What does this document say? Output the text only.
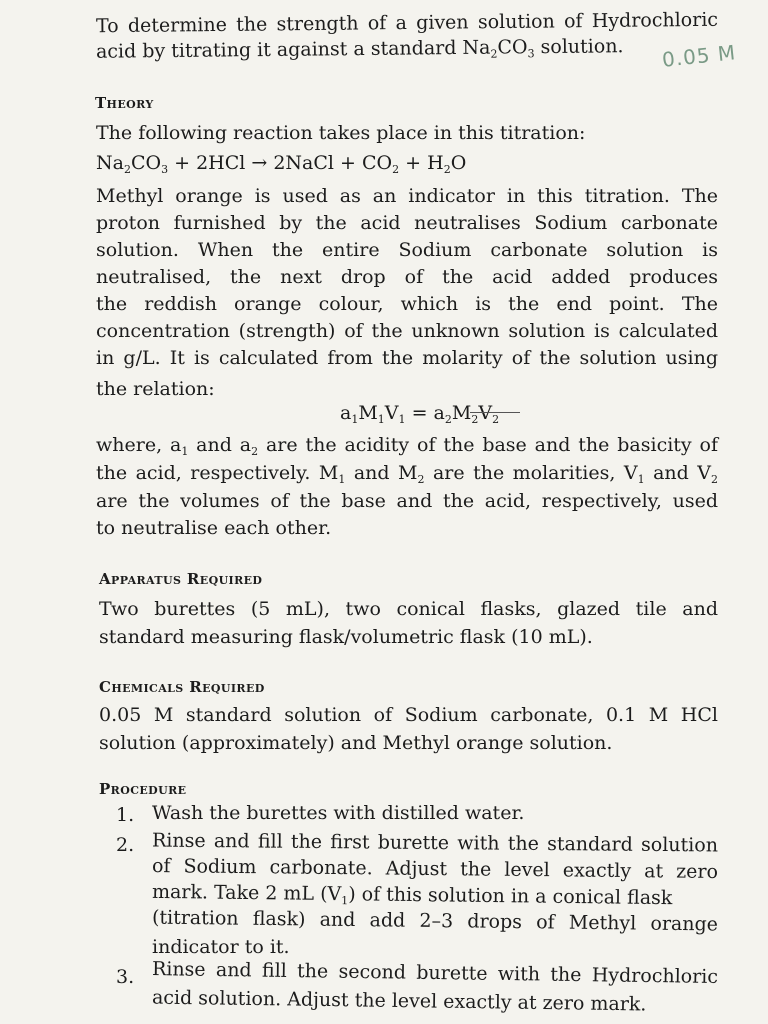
To determine the strength of a given solution of Hydrochloric
acid by titrating it against a standard $Na_2CO_3$ solution. 0.05 M
Theory
The following reaction takes place in this titration:
$Na_2CO_3 + 2HCl$ → 2NaCl + $CO_2 + H_2O$
Methyl orange is used as an indicator in this titration. The
proton furnished by the acid neutralises Sodium carbonate
solution. When the entire Sodium carbonate solution is
neutralised, the next drop of the acid added produces
the reddish orange colour, which is the end point. The
concentration (strength) of the unknown solution is calculated
in g/L. It is calculated from the molarity of the solution using
the relation:
$a_1M_1V_1 = a_2M_2V_2$
where, $a_1$ and $a_2$ are the acidity of the base and the basicity of
the acid, respectively. $M_1$ and $M_2$ are the molarities, $V_1$ and $V_2$
are the volumes of the base and the acid, respectively, used
to neutralise each other.
Apparatus Required
Two burettes (5 mL), two conical flasks, glazed tile and
standard measuring flask/volumetric flask (10 mL).
Chemicals Required
0.05 M standard solution of Sodium carbonate, 0.1 M HCl
solution (approximately) and Methyl orange solution.
Procedure
1. Wash the burettes with distilled water.
2. Rinse and fill the first burette with the standard solution
of Sodium carbonate. Adjust the level exactly at zero
mark. Take 2 mL $(V_1)$ of this solution in a conical flask
(titration flask) and add 2–3 drops of Methyl orange
indicator to it.
3. Rinse and fill the second burette with the Hydrochloric
acid solution. Adjust the level exactly at zero mark.
